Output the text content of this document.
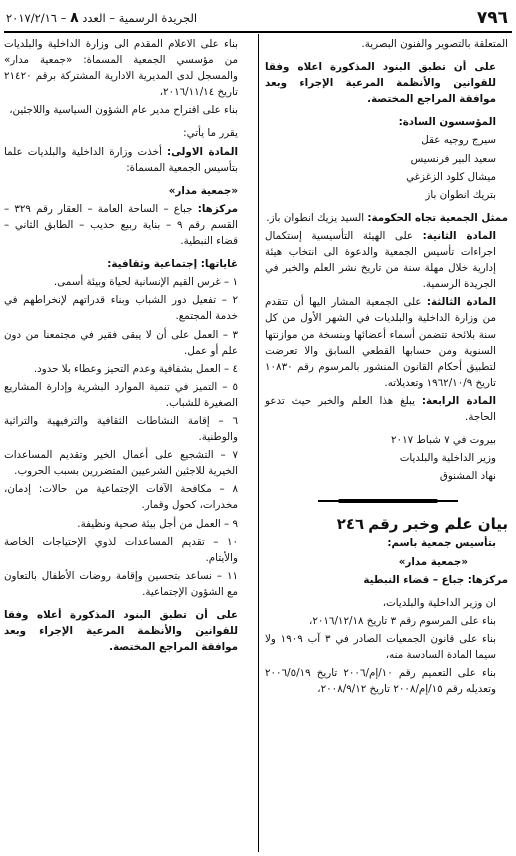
٧٩٦
الجريدة الرسمية – العدد ٨ – ٢٠١٧/٢/١٦

المتعلقة بالتصوير والفنون البصرية.

على أن تطبق البنود المذكورة اعلاه وفقا للقوانين والأنظمة المرعية الإجراء وبعد موافقة المراجع المختصة.

المؤسسون السادة:

سيرج روجيه عقل

سعيد البير فرنسيس

ميشال كلود الزغزغي

بتريك انطوان باز

ممثل الجمعية تجاه الحكومة: السيد يزيك انطوان باز.

المادة الثانية: على الهيئة التأسيسية إستكمال اجراءات تأسيس الجمعية والدعوة الى انتخاب هيئة إدارية خلال مهلة سنة من تاريخ نشر العلم والخبر في الجريدة الرسمية.

المادة الثالثة: على الجمعية المشار اليها أن تتقدم من وزارة الداخلية والبلديات في الشهر الأول من كل سنة بلائحة تتضمن أسماء أعضائها وبنسخة من موازنتها السنوية ومن حسابها القطعي السابق والا تعرضت لتطبيق أحكام القانون المنشور بالمرسوم رقم ١٠٨٣٠ تاريخ ١٩٦٢/١٠/٩ وتعديلاته.

المادة الرابعة: يبلغ هذا العلم والخبر حيث تدعو الحاجة.

بيروت في ٧ شباط ٢٠١٧

وزير الداخلية والبلديات

نهاد المشنوق

بيان علم وخبر رقم ٢٤٦

بتأسيس جمعية باسم:

«جمعية مدار»

مركزها: جباع – قضاء النبطية

ان وزير الداخلية والبلديات،

بناء على المرسوم رقم ٣ تاريخ ٢٠١٦/١٢/١٨،

بناء على قانون الجمعيات الصادر في ٣ آب ١٩٠٩ ولا سيما المادة السادسة منه،

بناء على التعميم رقم ١٠/إم/٢٠٠٦ تاريخ ٢٠٠٦/٥/١٩ وتعديله رقم ١٥/إم/٢٠٠٨ تاريخ ٢٠٠٨/٩/١٢،

بناء على الاعلام المقدم الى وزارة الداخلية والبلديات من مؤسسي الجمعية المسماة: «جمعية مدار» والمسجل لدى المديرية الادارية المشتركة برقم ٢١٤٢٠ تاريخ ٢٠١٦/١١/١٤،

بناء على اقتراح مدير عام الشؤون السياسية واللاجئين،

يقرر ما يأتي:

المادة الاولى: أخذت وزارة الداخلية والبلديات علما بتأسيس الجمعية المسماة:

«جمعية مدار»

مركزها: جباع – الساحة العامة – العقار رقم ٣٢٩ – القسم رقم ٩ – بناية ربيع حديب – الطابق الثاني – قضاء النبطية.

غاياتها: إجتماعية وثقافية:

١ – غرس القيم الإنسانية لحياة وبيئة أسمى.

٢ – تفعيل دور الشباب وبناء قدراتهم لإنخراطهم في خدمة المجتمع.

٣ – العمل على أن لا يبقى فقير في مجتمعنا من دون علم أو عمل.

٤ – العمل بشفافية وعدم التحيز وعطاء بلا حدود.

٥ – التميز في تنمية الموارد البشرية وإدارة المشاريع الصغيرة للشباب.

٦ – إقامة النشاطات الثقافية والترفيهية والتراثية والوطنية.

٧ – التشجيع على أعمال الخير وتقديم المساعدات الخيرية للاجئين الشرعيين المتضررين بسبب الحروب.

٨ – مكافحة الآفات الإجتماعية من حالات: إدمان، مخدرات، كحول وقمار.

٩ – العمل من أجل بيئة صحية ونظيفة.

١٠ – تقديم المساعدات لذوي الإحتياجات الخاصة والأيتام.

١١ – نساعد بتحسين وإقامة روضات الأطفال بالتعاون مع الشؤون الإجتماعية.

على أن تطبق البنود المذكورة أعلاه وفقا للقوانين والأنظمة المرعية الإجراء وبعد موافقة المراجع المختصة.
